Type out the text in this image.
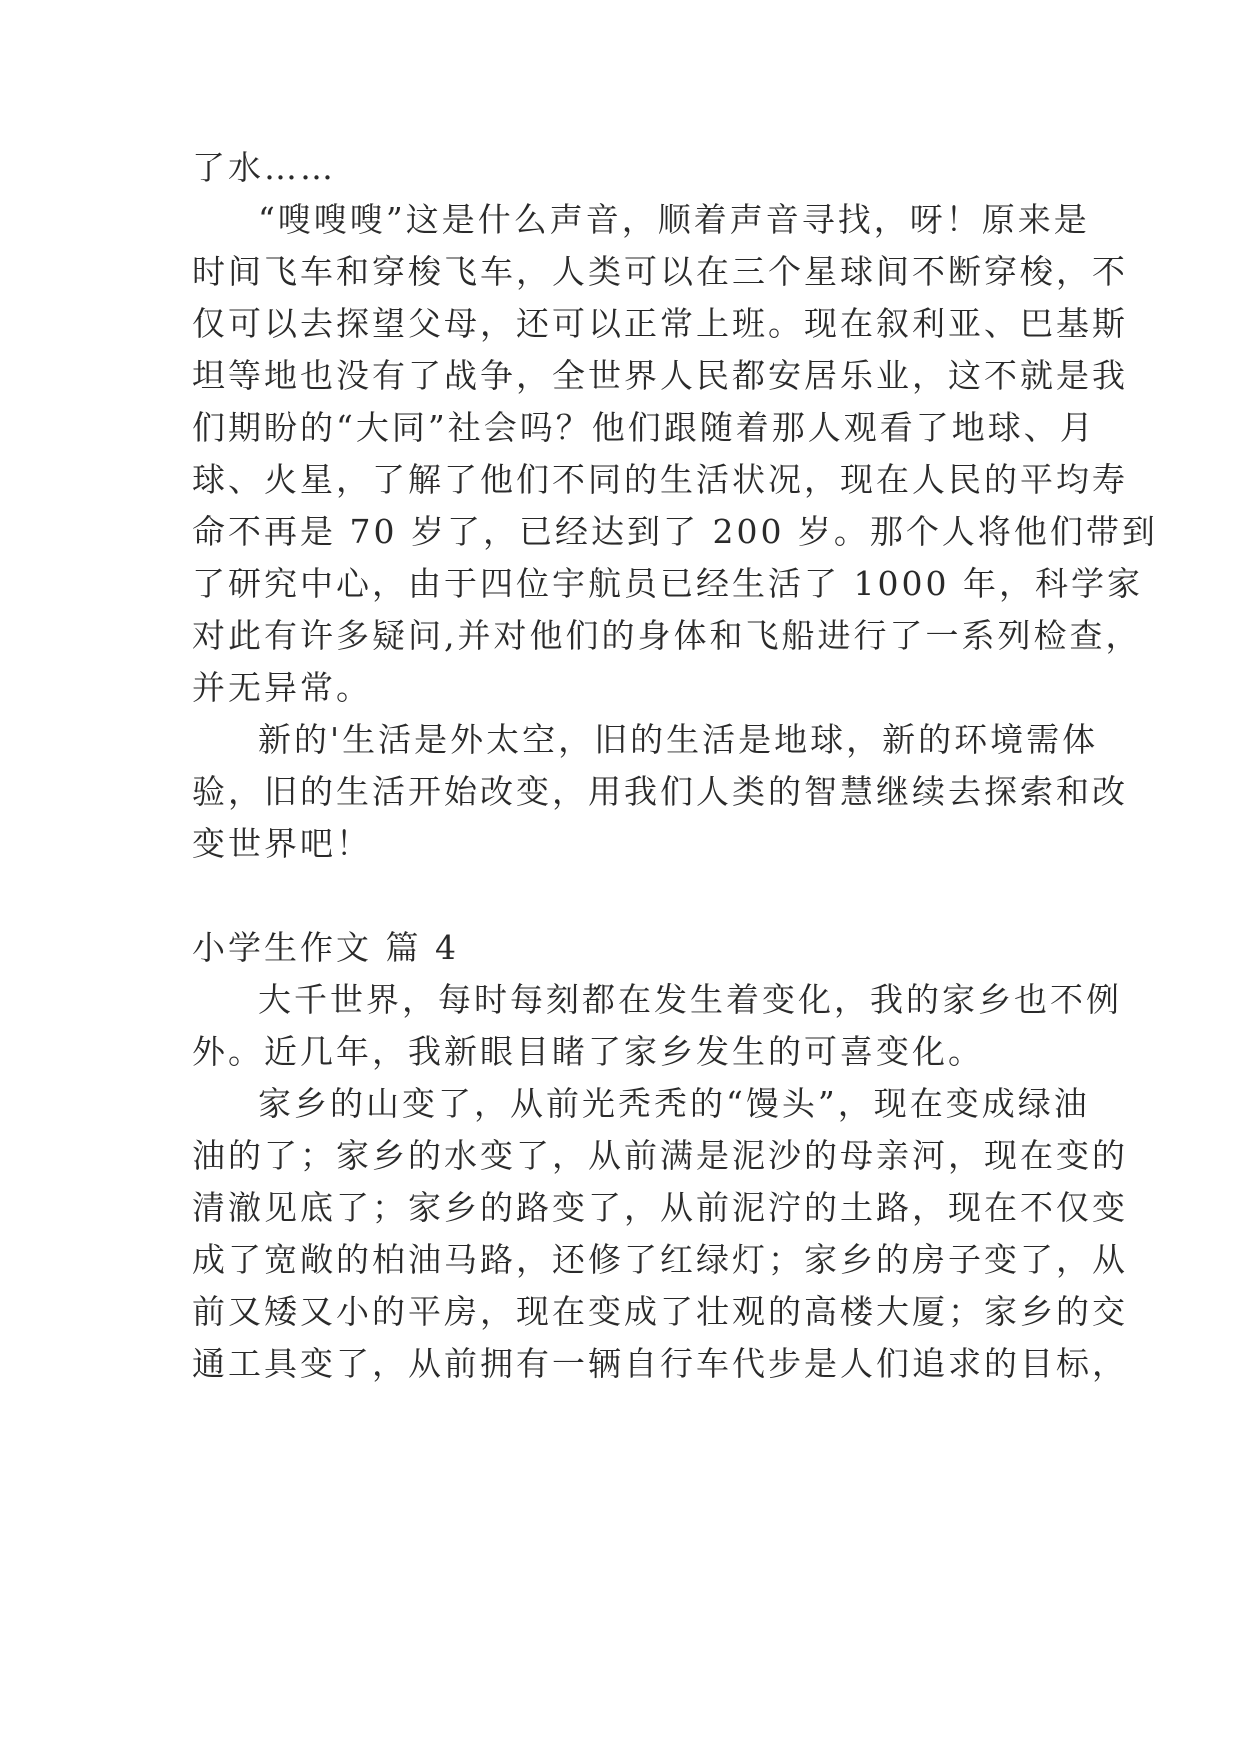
了水……
“嗖嗖嗖”这是什么声音，顺着声音寻找，呀！原来是
时间飞车和穿梭飞车，人类可以在三个星球间不断穿梭，不
仅可以去探望父母，还可以正常上班。现在叙利亚、巴基斯
坦等地也没有了战争，全世界人民都安居乐业，这不就是我
们期盼的“大同”社会吗？他们跟随着那人观看了地球、月
球、火星，了解了他们不同的生活状况，现在人民的平均寿
命不再是 70 岁了，已经达到了 200 岁。那个人将他们带到
了研究中心，由于四位宇航员已经生活了 1000 年，科学家
对此有许多疑问,并对他们的身体和飞船进行了一系列检查，
并无异常。
新的'生活是外太空，旧的生活是地球，新的环境需体
验，旧的生活开始改变，用我们人类的智慧继续去探索和改
变世界吧！
小学生作文 篇 4
大千世界，每时每刻都在发生着变化，我的家乡也不例
外。近几年，我新眼目睹了家乡发生的可喜变化。
家乡的山变了，从前光秃秃的“馒头”，现在变成绿油
油的了；家乡的水变了，从前满是泥沙的母亲河，现在变的
清澈见底了；家乡的路变了，从前泥泞的土路，现在不仅变
成了宽敞的柏油马路，还修了红绿灯；家乡的房子变了，从
前又矮又小的平房，现在变成了壮观的高楼大厦；家乡的交
通工具变了，从前拥有一辆自行车代步是人们追求的目标，
